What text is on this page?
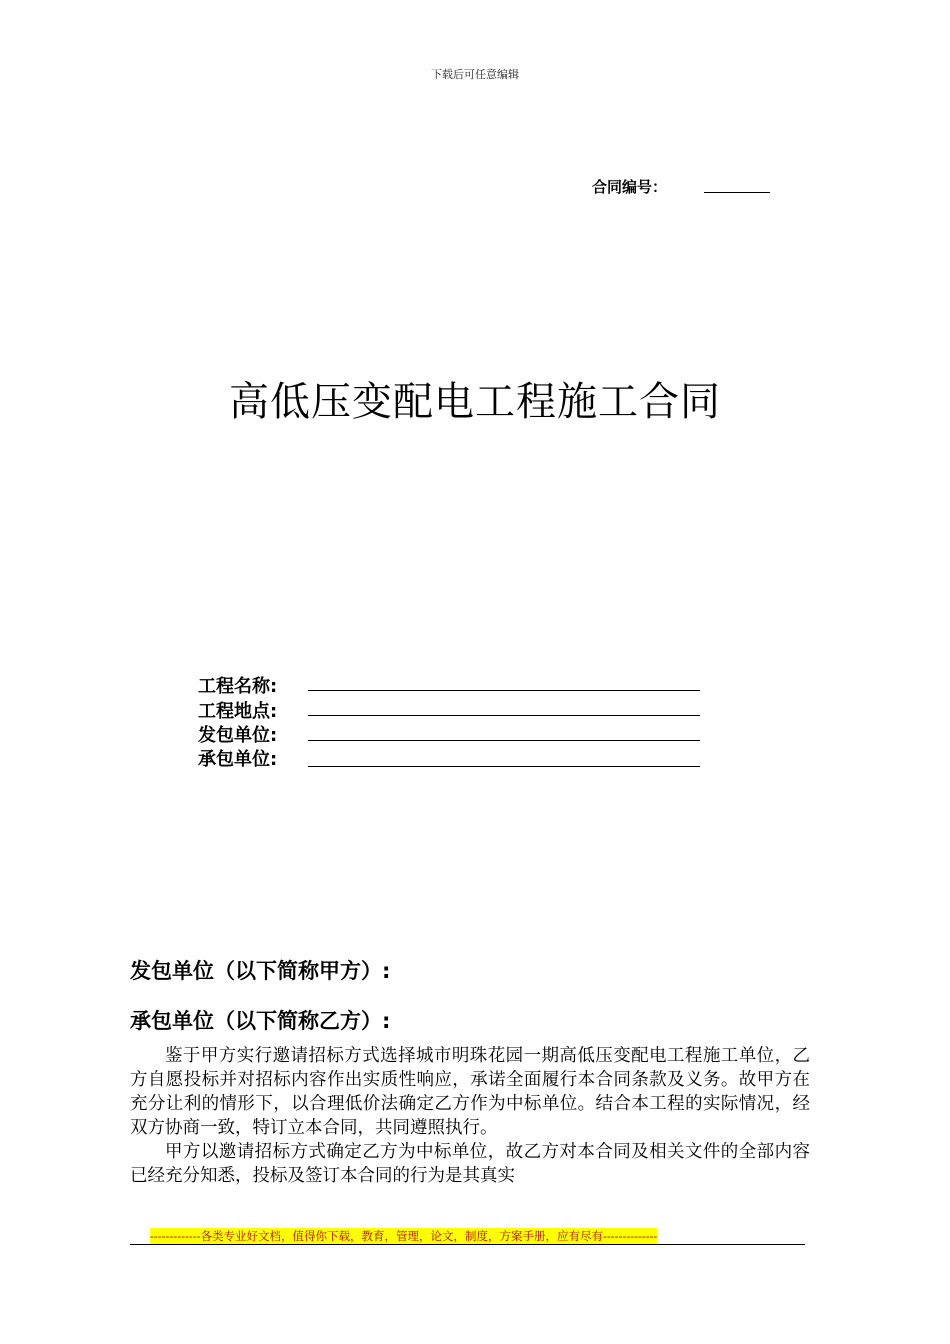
下载后可任意编辑
合同编号：
高低压变配电工程施工合同
工程名称:
工程地点:
发包单位:
承包单位:
发包单位（以下简称甲方）:
承包单位（以下简称乙方）:

鉴于甲方实行邀请招标方式选择城市明珠花园一期高低压变配电工程施工单位，乙方自愿投标并对招标内容作出实质性响应，承诺全面履行本合同条款及义务。故甲方在充分让利的情形下，以合理低价法确定乙方作为中标单位。结合本工程的实际情况，经双方协商一致，特订立本合同，共同遵照执行。

甲方以邀请招标方式确定乙方为中标单位，故乙方对本合同及相关文件的全部内容已经充分知悉，投标及签订本合同的行为是其真实

-------------各类专业好文档，值得你下载，教育，管理，论文，制度，方案手册，应有尽有--------------
